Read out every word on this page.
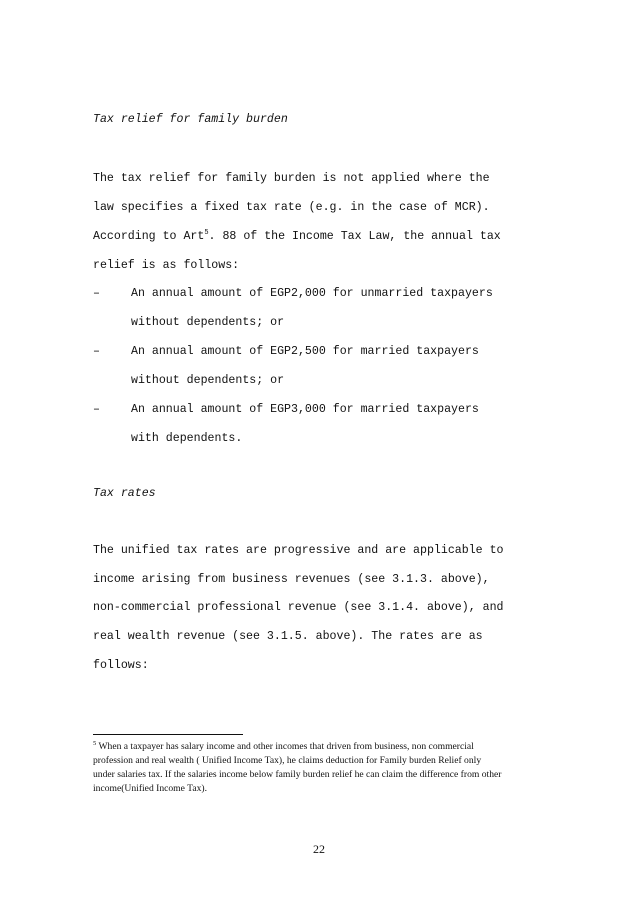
Tax relief for family burden
The tax relief for family burden is not applied where the
law specifies a fixed tax rate (e.g. in the case of MCR).
According to Art$^5$. 88 of the Income Tax Law, the annual tax
relief is as follows:
–	An annual amount of EGP2,000 for unmarried taxpayers
without dependents; or
–	An annual amount of EGP2,500 for married taxpayers
without dependents; or
–	An annual amount of EGP3,000 for married taxpayers
with dependents.
Tax rates
The unified tax rates are progressive and are applicable to
income arising from business revenues (see 3.1.3. above),
non-commercial professional revenue (see 3.1.4. above), and
real wealth revenue (see 3.1.5. above). The rates are as
follows:
$^5$ When a taxpayer has salary income and other incomes that driven from business, non commercial
profession and real wealth ( Unified Income Tax), he claims deduction for Family burden Relief only
under salaries tax. If the salaries income below family burden relief he can claim the difference from other
income(Unified Income Tax).
22
